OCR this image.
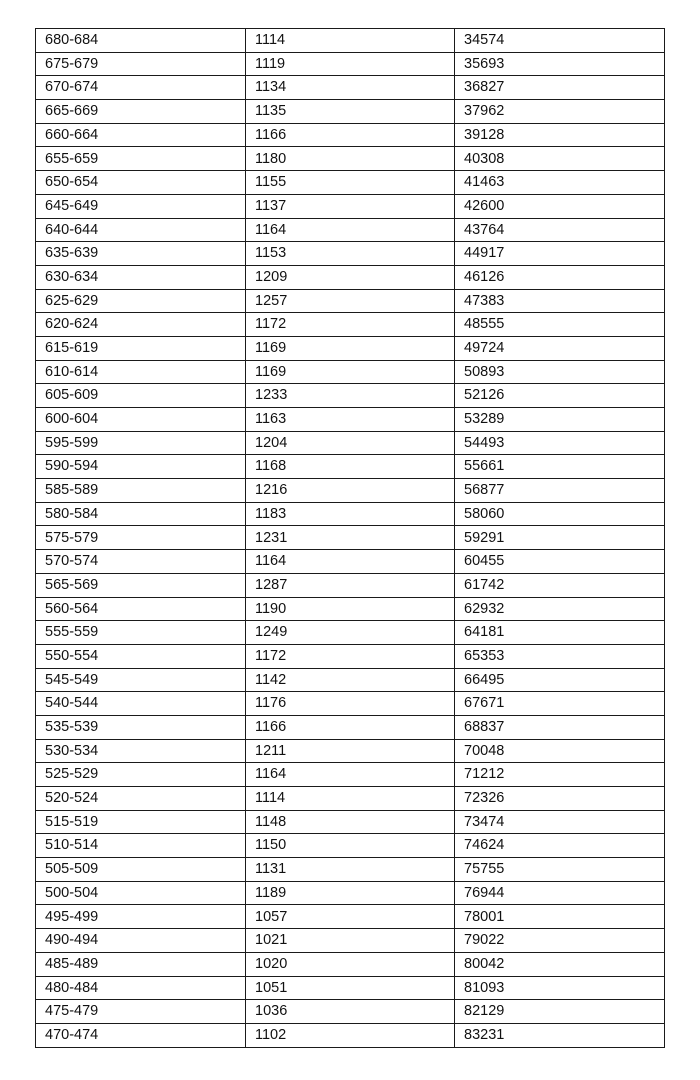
680-684	1114	34574
675-679	1119	35693
670-674	1134	36827
665-669	1135	37962
660-664	1166	39128
655-659	1180	40308
650-654	1155	41463
645-649	1137	42600
640-644	1164	43764
635-639	1153	44917
630-634	1209	46126
625-629	1257	47383
620-624	1172	48555
615-619	1169	49724
610-614	1169	50893
605-609	1233	52126
600-604	1163	53289
595-599	1204	54493
590-594	1168	55661
585-589	1216	56877
580-584	1183	58060
575-579	1231	59291
570-574	1164	60455
565-569	1287	61742
560-564	1190	62932
555-559	1249	64181
550-554	1172	65353
545-549	1142	66495
540-544	1176	67671
535-539	1166	68837
530-534	1211	70048
525-529	1164	71212
520-524	1114	72326
515-519	1148	73474
510-514	1150	74624
505-509	1131	75755
500-504	1189	76944
495-499	1057	78001
490-494	1021	79022
485-489	1020	80042
480-484	1051	81093
475-479	1036	82129
470-474	1102	83231
